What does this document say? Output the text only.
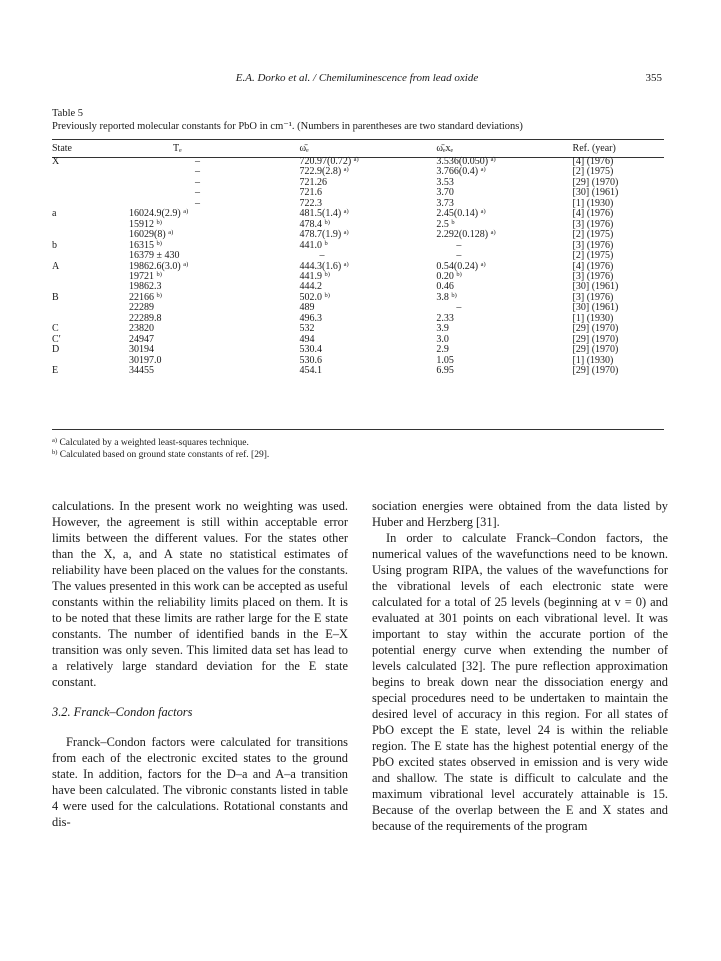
E.A. Dorko et al. / Chemiluminescence from lead oxide	355
Table 5
Previously reported molecular constants for PbO in cm⁻¹. (Numbers in parentheses are two standard deviations)
State	Tₑ	ω̄ₑ	ω̄ₑxₑ	Ref. (year)
X	–	720.97(0.72) $^{a)}$	3.536(0.050) $^{a)}$	[4] (1976)
	–	722.9(2.8) $^{a)}$	3.766(0.4) $^{a)}$	[2] (1975)
	–	721.26	3.53	[29] (1970)
	–	721.6	3.70	[30] (1961)
	–	722.3	3.73	[1] (1930)
a	16024.9(2.9) $^{a)}$	481.5(1.4) $^{a)}$	2.45(0.14) $^{a)}$	[4] (1976)
	15912 $^{b)}$	478.4 $^{b)}$	2.5 $^b$	[3] (1976)
	16029(8) $^{a)}$	478.7(1.9) $^{a)}$	2.292(0.128) $^{a)}$	[2] (1975)
b	16315 $^{b)}$	441.0 $^b$	–	[3] (1976)
	16379 ± 430	–	–	[2] (1975)
A	19862.6(3.0) $^{a)}$	444.3(1.6) $^{a)}$	0.54(0.24) $^{a)}$	[4] (1976)
	19721 $^{b)}$	441.9 $^{b)}$	0.20 $^{b)}$	[3] (1976)
	19862.3	444.2	0.46	[30] (1961)
B	22166 $^{b)}$	502.0 $^{b)}$	3.8 $^{b)}$	[3] (1976)
	22289	489	–	[30] (1961)
	22289.8	496.3	2.33	[1] (1930)
C	23820	532	3.9	[29] (1970)
C′	24947	494	3.0	[29] (1970)
D	30194	530.4	2.9	[29] (1970)
	30197.0	530.6	1.05	[1] (1930)
E	34455	454.1	6.95	[29] (1970)
$^{a)}$ Calculated by a weighted least-squares technique.
$^{b)}$ Calculated based on ground state constants of ref. [29].

calculations. In the present work no weighting was used. However, the agreement is still within acceptable error limits between the different values. For the states other than the X, a, and A state no statistical estimates of reliability have been placed on the values for the constants. The values presented in this work can be accepted as useful constants within the reliability limits placed on them. It is to be noted that these limits are rather large for the E state constants. The number of identified bands in the E–X transition was only seven. This limited data set has lead to a relatively large standard deviation for the E state constant.

3.2. Franck–Condon factors

Franck–Condon factors were calculated for transitions from each of the electronic excited states to the ground state. In addition, factors for the D–a and A–a transition have been calculated. The vibronic constants listed in table 4 were used for the calculations. Rotational constants and dis-

sociation energies were obtained from the data listed by Huber and Herzberg [31].

In order to calculate Franck–Condon factors, the numerical values of the wavefunctions need to be known. Using program RIPA, the values of the wavefunctions for the vibrational levels of each electronic state were calculated for a total of 25 levels (beginning at v = 0) and evaluated at 301 points on each vibrational level. It was important to stay within the accurate portion of the potential energy curve when extending the number of levels calculated [32]. The pure reflection approximation begins to break down near the dissociation energy and special procedures need to be undertaken to maintain the desired level of accuracy in this region. For all states of PbO except the E state, level 24 is within the reliable region. The E state has the highest potential energy of the PbO excited states observed in emission and is very wide and shallow. The state is difficult to calculate and the maximum vibrational level accurately attainable is 15. Because of the overlap between the E and X states and because of the requirements of the program
